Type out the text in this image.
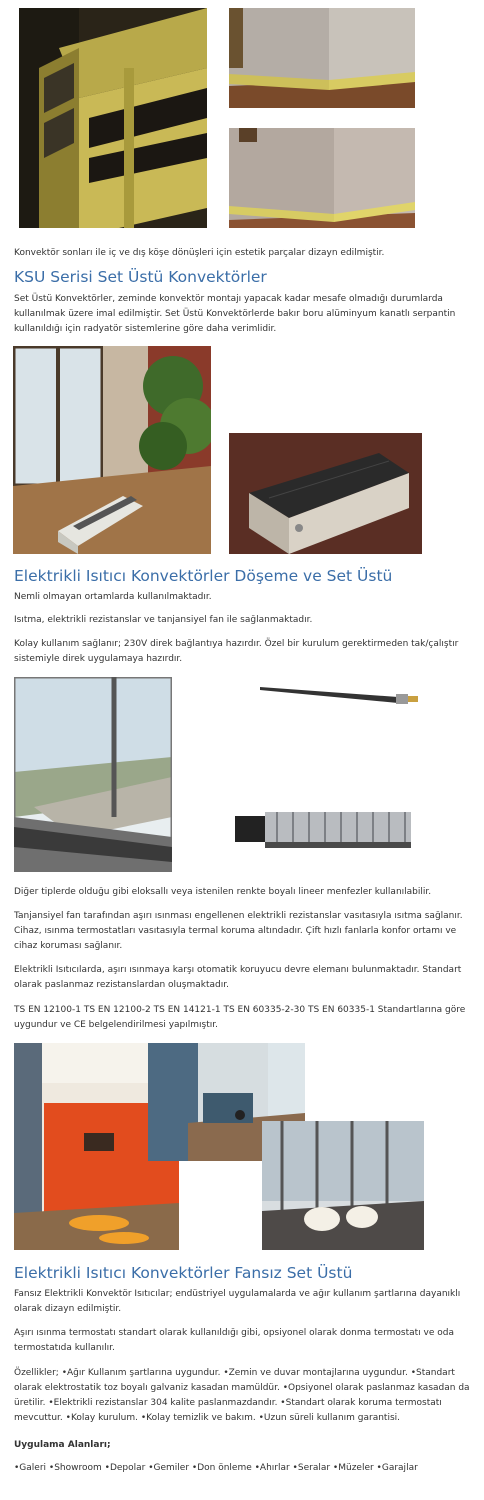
Konvektör sonları ile iç ve dış köşe dönüşleri için estetik parçalar dizayn edilmiştir.

KSU Serisi Set Üstü Konvektörler

Set Üstü Konvektörler, zeminde konvektör montajı yapacak kadar mesafe olmadığı durumlarda kullanılmak üzere imal edilmiştir. Set Üstü Konvektörlerde bakır boru alüminyum kanatlı serpantin kullanıldığı için radyatör sistemlerine göre daha verimlidir.

Elektrikli Isıtıcı Konvektörler Döşeme ve Set Üstü

Nemli olmayan ortamlarda kullanılmaktadır.

Isıtma, elektrikli rezistanslar ve tanjansiyel fan ile sağlanmaktadır.

Kolay kullanım sağlanır; 230V direk bağlantıya hazırdır. Özel bir kurulum gerektirmeden tak/çalıştır sistemiyle direk uygulamaya hazırdır.

Diğer tiplerde olduğu gibi eloksallı veya istenilen renkte boyalı lineer menfezler kullanılabilir.

Tanjansiyel fan tarafından aşırı ısınması engellenen elektrikli rezistanslar vasıtasıyla ısıtma sağlanır. Cihaz, ısınma termostatları vasıtasıyla termal koruma altındadır. Çift hızlı fanlarla konfor ortamı ve cihaz koruması sağlanır.

Elektrikli Isıtıcılarda, aşırı ısınmaya karşı otomatik koruyucu devre elemanı bulunmaktadır. Standart olarak paslanmaz rezistanslardan oluşmaktadır.

TS EN 12100-1 TS EN 12100-2 TS EN 14121-1 TS EN 60335-2-30 TS EN 60335-1 Standartlarına göre uygundur ve CE belgelendirilmesi yapılmıştır.

Elektrikli Isıtıcı Konvektörler Fansız Set Üstü

Fansız Elektrikli Konvektör Isıtıcılar; endüstriyel uygulamalarda ve ağır kullanım şartlarına dayanıklı olarak dizayn edilmiştir.

Aşırı ısınma termostatı standart olarak kullanıldığı gibi, opsiyonel olarak donma termostatı ve oda termostatıda kullanılır.

Özellikler; •Ağır Kullanım şartlarına uygundur. •Zemin ve duvar montajlarına uygundur. •Standart olarak elektrostatik toz boyalı galvaniz kasadan mamüldür. •Opsiyonel olarak paslanmaz kasadan da üretilir. •Elektrikli rezistanslar 304 kalite paslanmazdandır. •Standart olarak koruma termostatı mevcuttur. •Kolay kurulum. •Kolay temizlik ve bakım. •Uzun süreli kullanım garantisi.

Uygulama Alanları;

•Galeri •Showroom •Depolar •Gemiler •Don önleme •Ahırlar •Seralar •Müzeler •Garajlar
